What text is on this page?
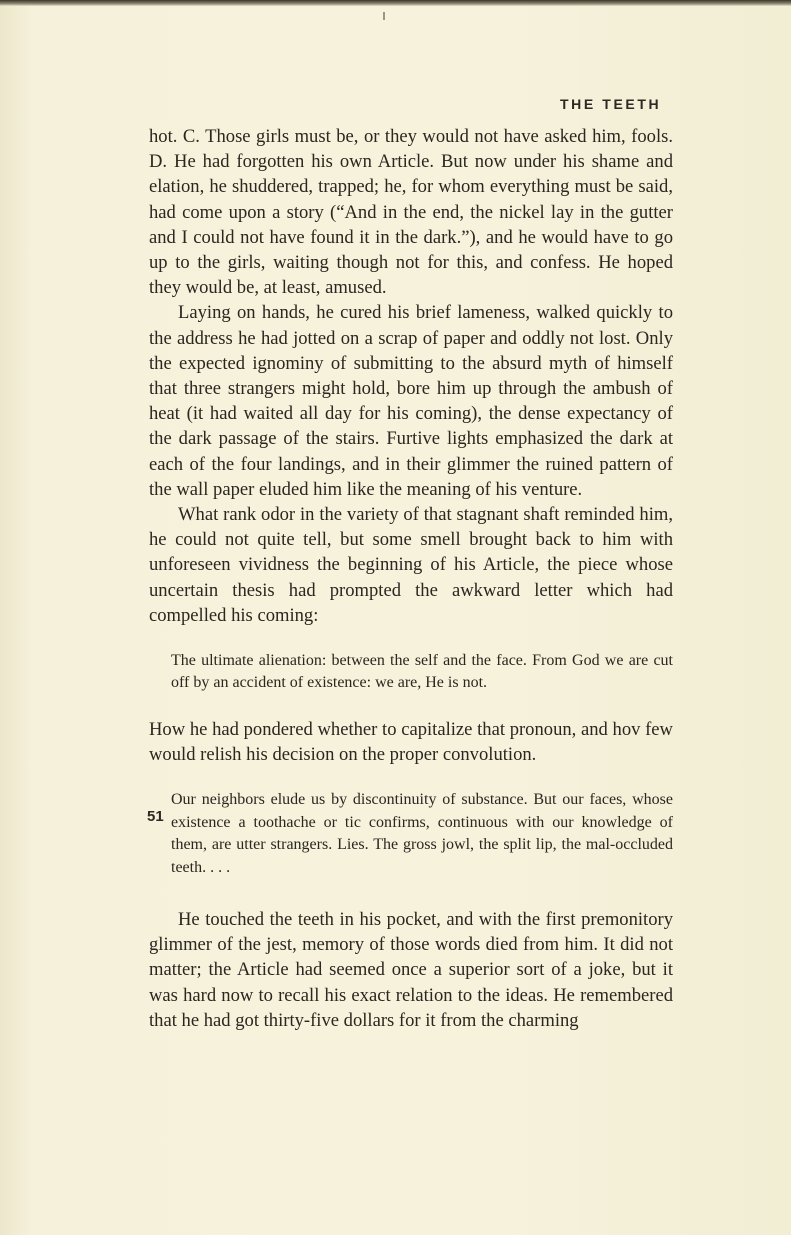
THE TEETH

hot. C. Those girls must be, or they would not have asked him, fools. D. He had forgotten his own Article. But now under his shame and elation, he shuddered, trapped; he, for whom everything must be said, had come upon a story (“And in the end, the nickel lay in the gutter and I could not have found it in the dark.”), and he would have to go up to the girls, waiting though not for this, and confess. He hoped they would be, at least, amused.

Laying on hands, he cured his brief lameness, walked quickly to the address he had jotted on a scrap of paper and oddly not lost. Only the expected ignominy of submitting to the absurd myth of himself that three strangers might hold, bore him up through the ambush of heat (it had waited all day for his coming), the dense expectancy of the dark passage of the stairs. Furtive lights emphasized the dark at each of the four landings, and in their glimmer the ruined pattern of the wall paper eluded him like the meaning of his venture.

What rank odor in the variety of that stagnant shaft reminded him, he could not quite tell, but some smell brought back to him with unforeseen vividness the beginning of his Article, the piece whose uncertain thesis had prompted the awkward letter which had compelled his coming:

The ultimate alienation: between the self and the face. From God we are cut off by an accident of existence: we are, He is not.

How he had pondered whether to capitalize that pronoun, and hov few would relish his decision on the proper convolution.

Our neighbors elude us by discontinuity of substance. But our faces, whose existence a toothache or tic confirms, continuous with our knowledge of them, are utter strangers. Lies. The gross jowl, the split lip, the mal-occluded teeth. . . .

He touched the teeth in his pocket, and with the first premonitory glimmer of the jest, memory of those words died from him. It did not matter; the Article had seemed once a superior sort of a joke, but it was hard now to recall his exact relation to the ideas. He remembered that he had got thirty-five dollars for it from the charming

51
